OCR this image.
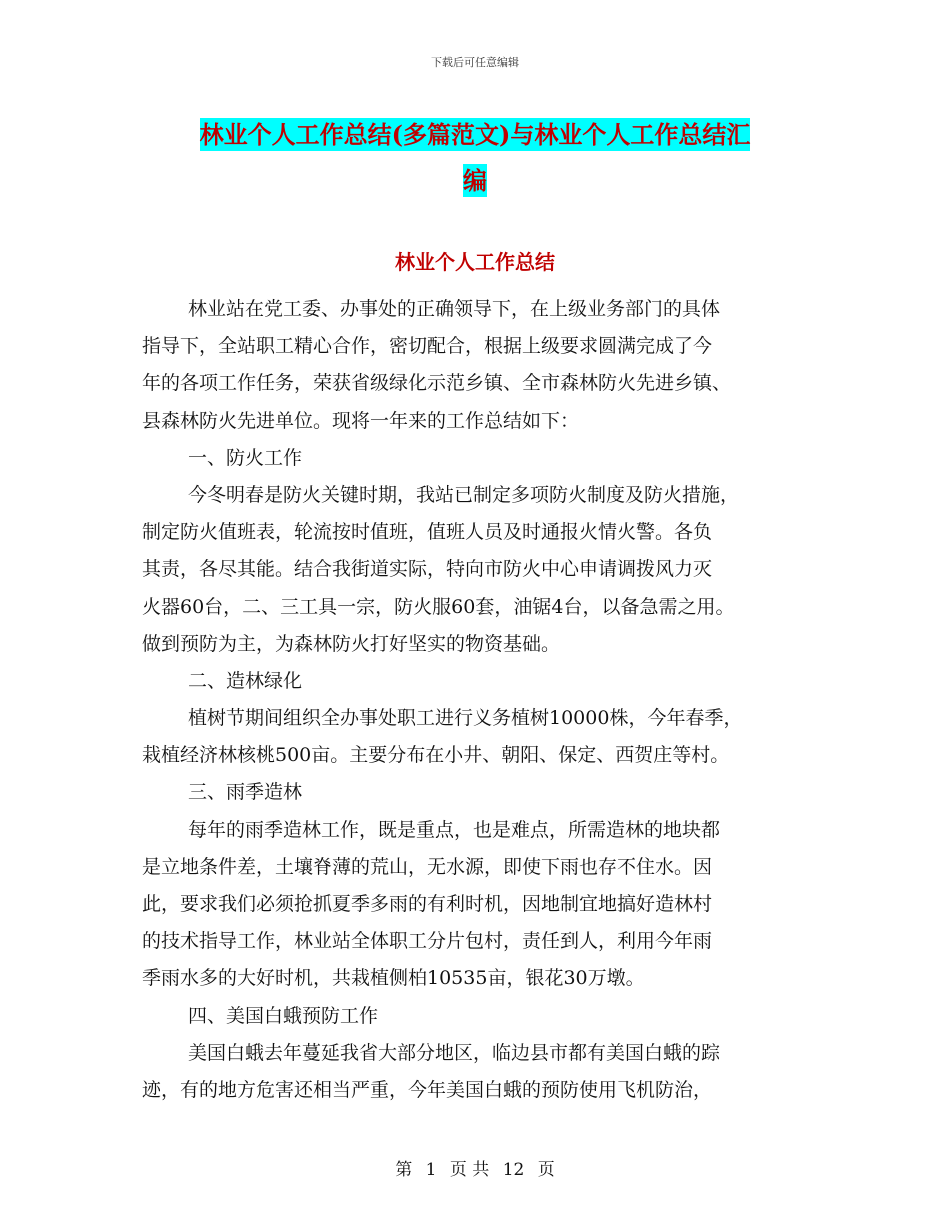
下载后可任意编辑
林业个人工作总结(多篇范文)与林业个人工作总结汇
编
林业个人工作总结
林业站在党工委、办事处的正确领导下，在上级业务部门的具体
指导下，全站职工精心合作，密切配合，根据上级要求圆满完成了今
年的各项工作任务，荣获省级绿化示范乡镇、全市森林防火先进乡镇、
县森林防火先进单位。现将一年来的工作总结如下：
一、防火工作
今冬明春是防火关键时期，我站已制定多项防火制度及防火措施，
制定防火值班表，轮流按时值班，值班人员及时通报火情火警。各负
其责，各尽其能。结合我街道实际，特向市防火中心申请调拨风力灭
火器60台，二、三工具一宗，防火服60套，油锯4台，以备急需之用。
做到预防为主，为森林防火打好坚实的物资基础。
二、造林绿化
植树节期间组织全办事处职工进行义务植树10000株，今年春季，
栽植经济林核桃500亩。主要分布在小井、朝阳、保定、西贺庄等村。
三、雨季造林
每年的雨季造林工作，既是重点，也是难点，所需造林的地块都
是立地条件差，土壤脊薄的荒山，无水源，即使下雨也存不住水。因
此，要求我们必须抢抓夏季多雨的有利时机，因地制宜地搞好造林村
的技术指导工作，林业站全体职工分片包村，责任到人，利用今年雨
季雨水多的大好时机，共栽植侧柏10535亩，银花30万墩。
四、美国白蛾预防工作
美国白蛾去年蔓延我省大部分地区，临边县市都有美国白蛾的踪
迹，有的地方危害还相当严重，今年美国白蛾的预防使用飞机防治，
第 1 页 共 12 页
